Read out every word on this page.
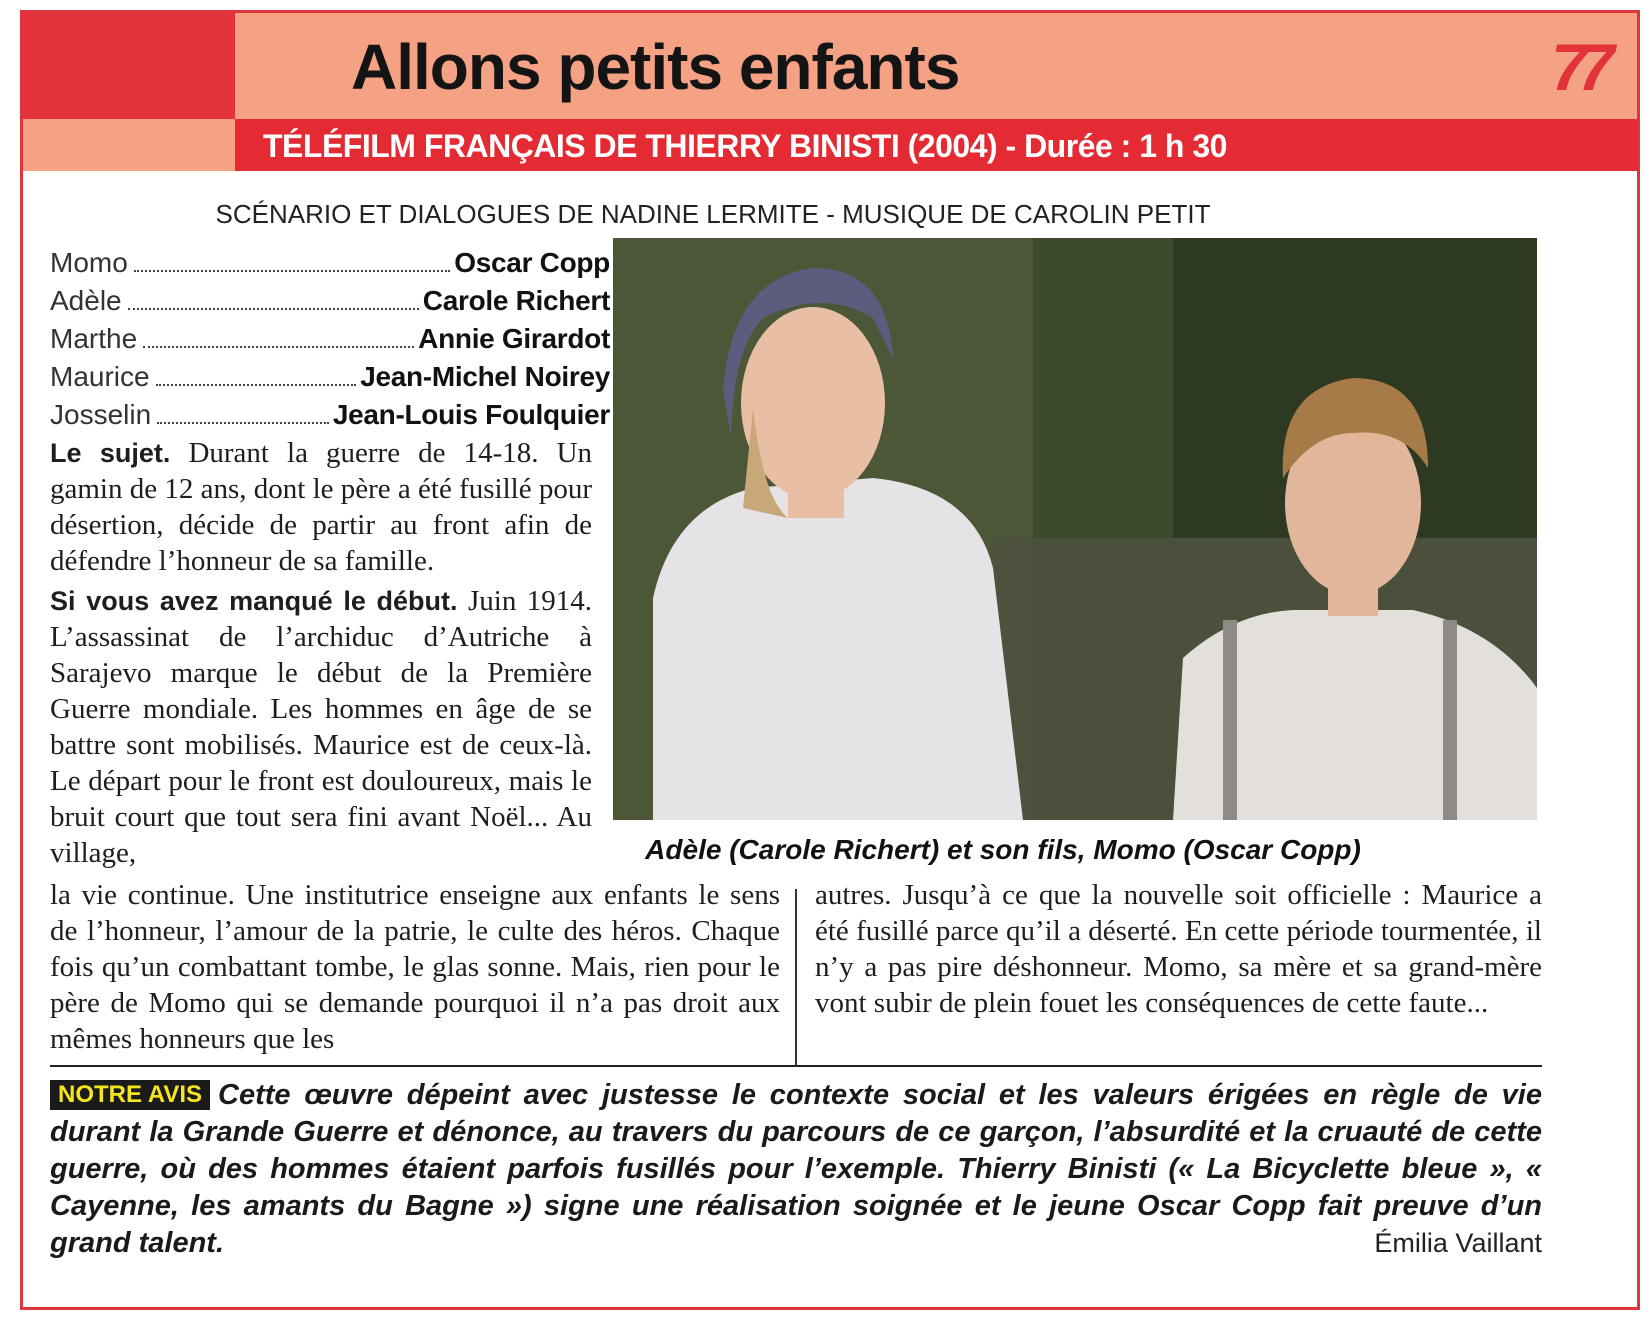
Allons petits enfants	77
TÉLÉFILM FRANÇAIS DE THIERRY BINISTI (2004) - Durée : 1 h 30
SCÉNARIO ET DIALOGUES DE NADINE LERMITE - MUSIQUE DE CAROLIN PETIT
Momo	Oscar Copp
Adèle	Carole Richert
Marthe	Annie Girardot
Maurice	Jean-Michel Noirey
Josselin	Jean-Louis Foulquier

Le sujet. Durant la guerre de 14-18. Un gamin de 12 ans, dont le père a été fusillé pour désertion, décide de partir au front afin de défendre l’honneur de sa famille.

Si vous avez manqué le début. Juin 1914. L’assassinat de l’archiduc d’Autriche à Sarajevo marque le début de la Première Guerre mondiale. Les hommes en âge de se battre sont mobilisés. Maurice est de ceux-là. Le départ pour le front est douloureux, mais le bruit court que tout sera fini avant Noël... Au village,	Adèle (Carole Richert) et son fils, Momo (Oscar Copp)

la vie continue. Une institutrice enseigne aux enfants le sens de l’honneur, l’amour de la patrie, le culte des héros. Chaque fois qu’un combattant tombe, le glas sonne. Mais, rien pour le père de Momo qui se demande pourquoi il n’a pas droit aux mêmes honneurs que les

autres. Jusqu’à ce que la nouvelle soit officielle : Maurice a été fusillé parce qu’il a déserté. En cette période tourmentée, il n’y a pas pire déshonneur. Momo, sa mère et sa grand-mère vont subir de plein fouet les conséquences de cette faute...

NOTRE AVIS Cette œuvre dépeint avec justesse le contexte social et les valeurs érigées en règle de vie durant la Grande Guerre et dénonce, au travers du parcours de ce garçon, l’absurdité et la cruauté de cette guerre, où des hommes étaient parfois fusillés pour l’exemple. Thierry Binisti (« La Bicyclette bleue », « Cayenne, les amants du Bagne ») signe une réalisation soignée et le jeune Oscar Copp fait preuve d’un grand talent.	Émilia Vaillant
